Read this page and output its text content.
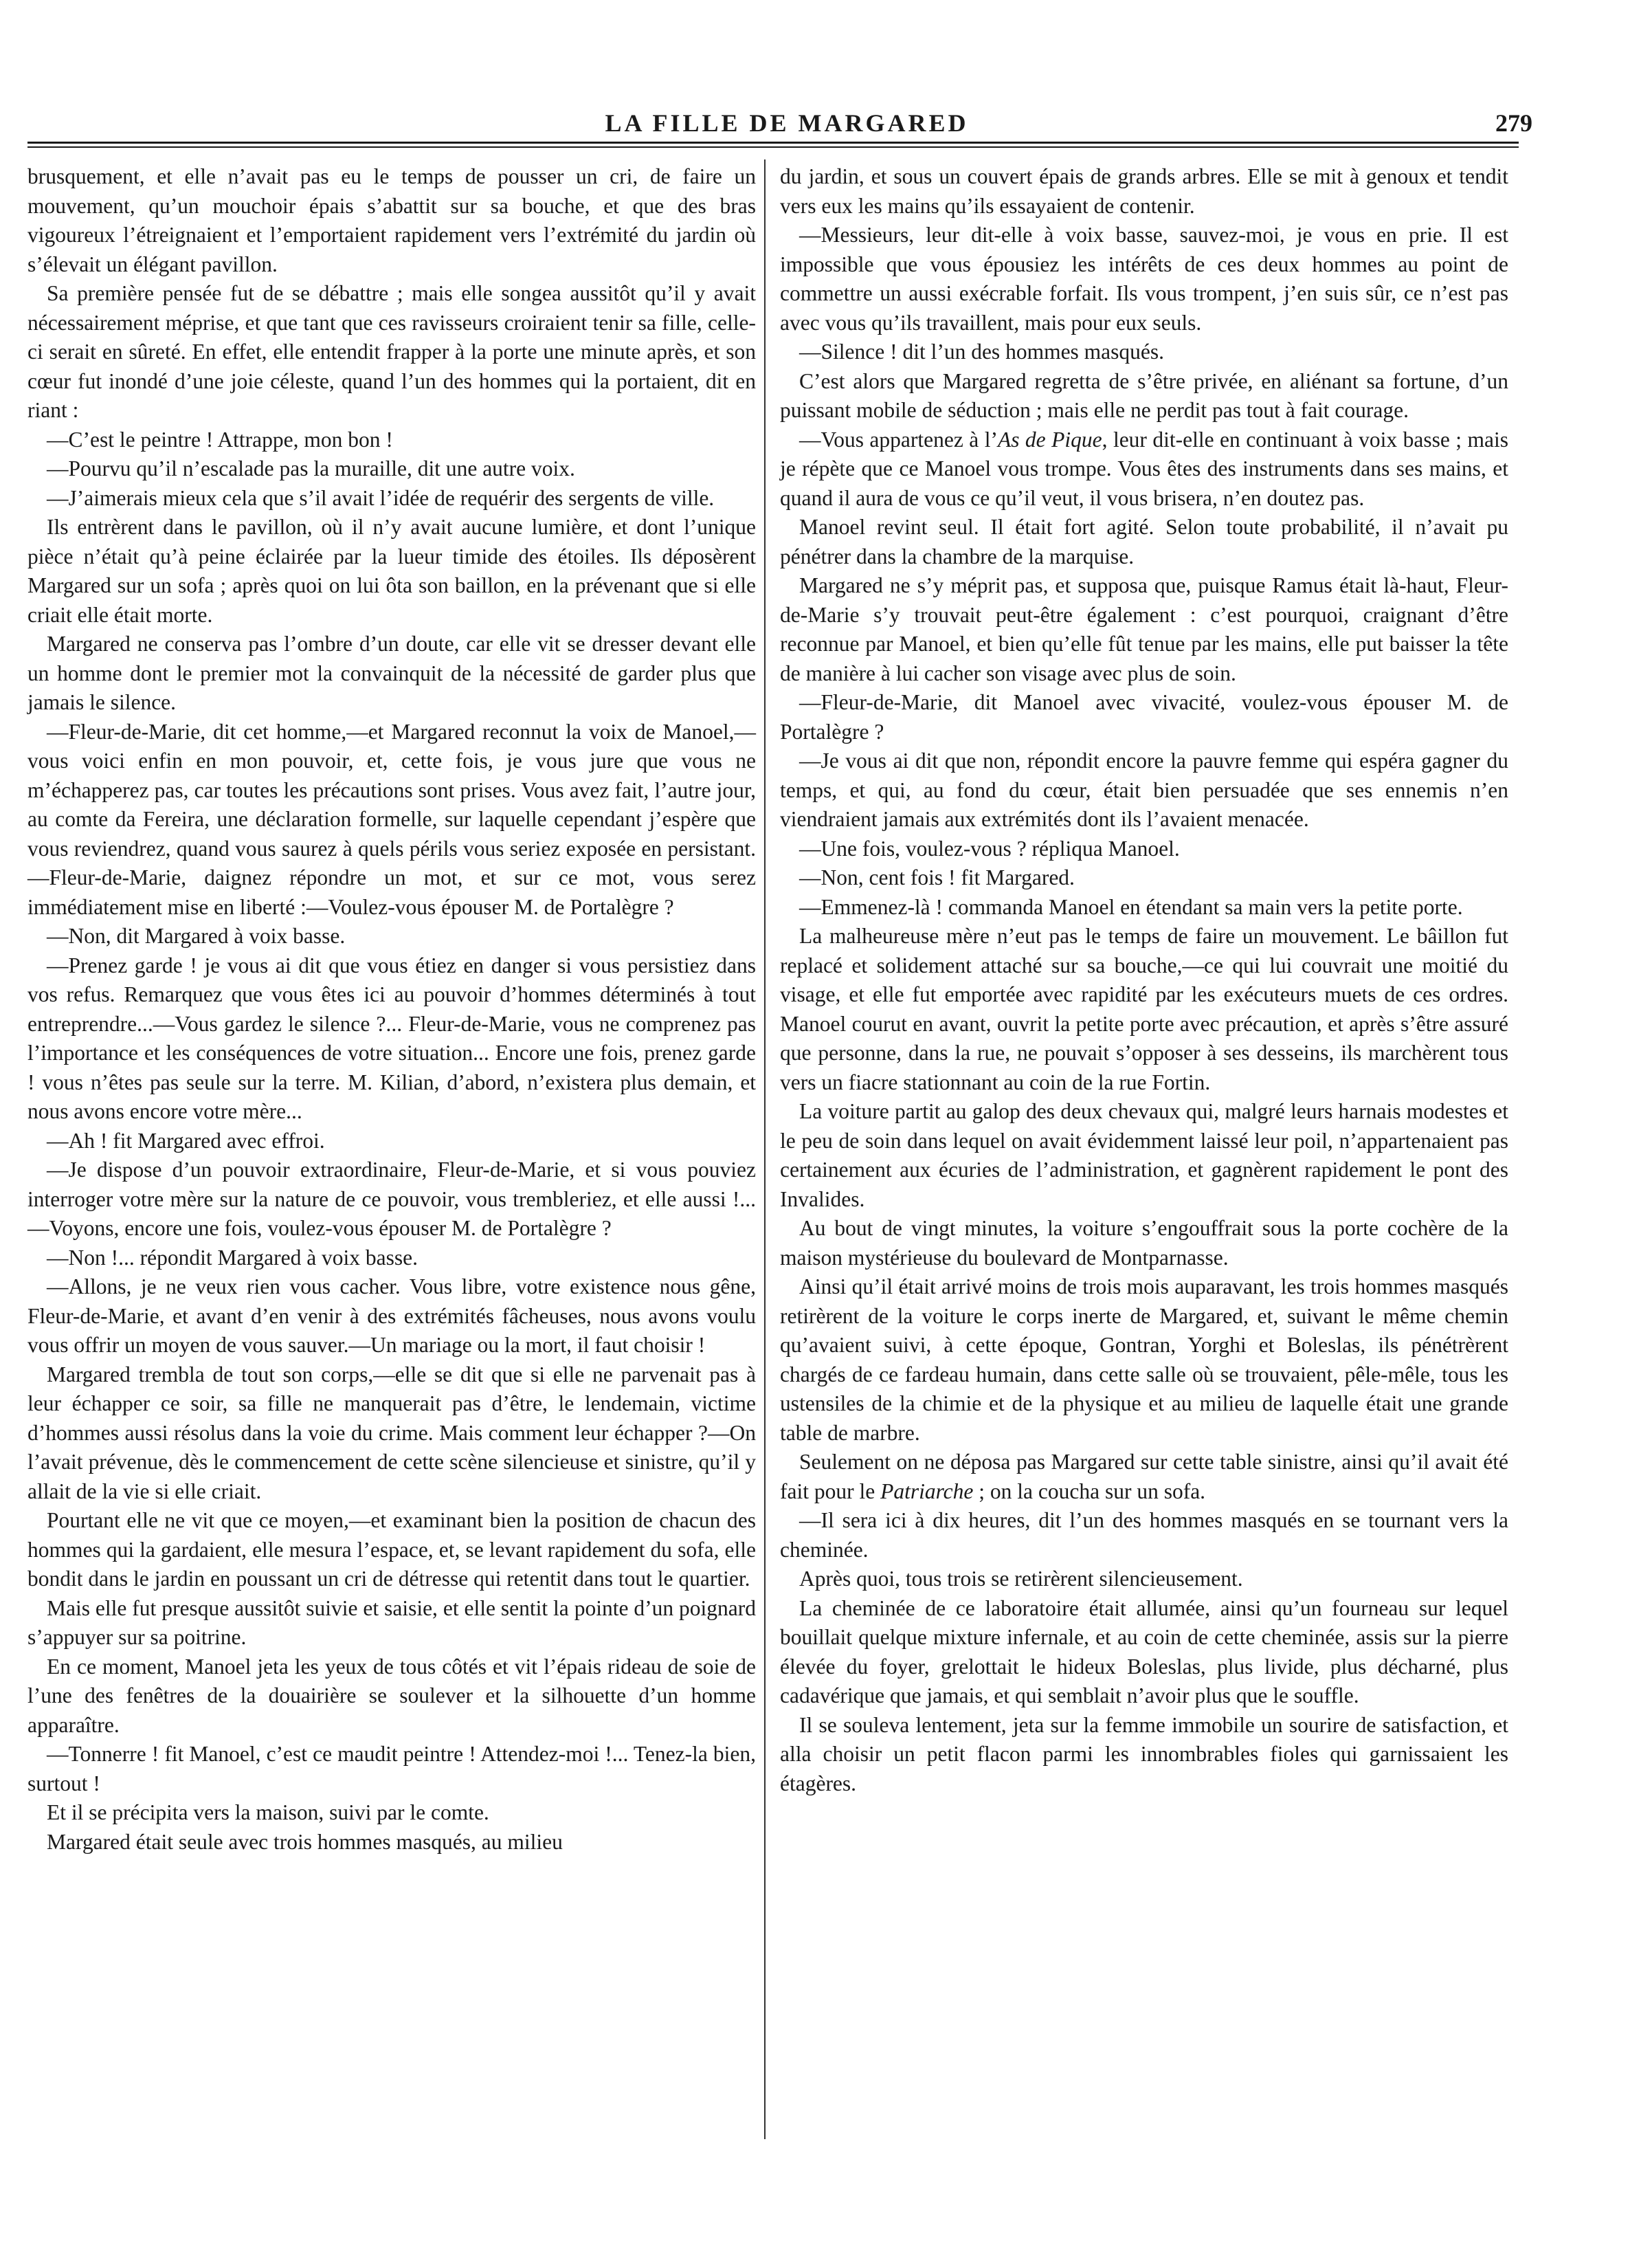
LA FILLE DE MARGARED	279

brusquement, et elle n’avait pas eu le temps de pousser un cri, de faire un mouvement, qu’un mouchoir épais s’abattit sur sa bouche, et que des bras vigoureux l’étreignaient et l’emportaient rapidement vers l’extrémité du jardin où s’élevait un élégant pavillon.

Sa première pensée fut de se débattre ; mais elle songea aussitôt qu’il y avait nécessairement méprise, et que tant que ces ravisseurs croiraient tenir sa fille, celle-ci serait en sûreté. En effet, elle entendit frapper à la porte une minute après, et son cœur fut inondé d’une joie céleste, quand l’un des hommes qui la portaient, dit en riant :

—C’est le peintre ! Attrappe, mon bon !

—Pourvu qu’il n’escalade pas la muraille, dit une autre voix.

—J’aimerais mieux cela que s’il avait l’idée de requérir des sergents de ville.

Ils entrèrent dans le pavillon, où il n’y avait aucune lumière, et dont l’unique pièce n’était qu’à peine éclairée par la lueur timide des étoiles. Ils déposèrent Margared sur un sofa ; après quoi on lui ôta son baillon, en la prévenant que si elle criait elle était morte.

Margared ne conserva pas l’ombre d’un doute, car elle vit se dresser devant elle un homme dont le premier mot la convainquit de la nécessité de garder plus que jamais le silence.

—Fleur-de-Marie, dit cet homme,—et Margared reconnut la voix de Manoel,—vous voici enfin en mon pouvoir, et, cette fois, je vous jure que vous ne m’échapperez pas, car toutes les précautions sont prises. Vous avez fait, l’autre jour, au comte da Fereira, une déclaration formelle, sur laquelle cependant j’espère que vous reviendrez, quand vous saurez à quels périls vous seriez exposée en persistant.—Fleur-de-Marie, daignez répondre un mot, et sur ce mot, vous serez immédiatement mise en liberté :—Voulez-vous épouser M. de Portalègre ?

—Non, dit Margared à voix basse.

—Prenez garde ! je vous ai dit que vous étiez en danger si vous persistiez dans vos refus. Remarquez que vous êtes ici au pouvoir d’hommes déterminés à tout entreprendre...—Vous gardez le silence ?... Fleur-de-Marie, vous ne comprenez pas l’importance et les conséquences de votre situation... Encore une fois, prenez garde ! vous n’êtes pas seule sur la terre. M. Kilian, d’abord, n’existera plus demain, et nous avons encore votre mère...

—Ah ! fit Margared avec effroi.

—Je dispose d’un pouvoir extraordinaire, Fleur-de-Marie, et si vous pouviez interroger votre mère sur la nature de ce pouvoir, vous trembleriez, et elle aussi !...—Voyons, encore une fois, voulez-vous épouser M. de Portalègre ?

—Non !... répondit Margared à voix basse.

—Allons, je ne veux rien vous cacher. Vous libre, votre existence nous gêne, Fleur-de-Marie, et avant d’en venir à des extrémités fâcheuses, nous avons voulu vous offrir un moyen de vous sauver.—Un mariage ou la mort, il faut choisir !

Margared trembla de tout son corps,—elle se dit que si elle ne parvenait pas à leur échapper ce soir, sa fille ne manquerait pas d’être, le lendemain, victime d’hommes aussi résolus dans la voie du crime. Mais comment leur échapper ?—On l’avait prévenue, dès le commencement de cette scène silencieuse et sinistre, qu’il y allait de la vie si elle criait.

Pourtant elle ne vit que ce moyen,—et examinant bien la position de chacun des hommes qui la gardaient, elle mesura l’espace, et, se levant rapidement du sofa, elle bondit dans le jardin en poussant un cri de détresse qui retentit dans tout le quartier.

Mais elle fut presque aussitôt suivie et saisie, et elle sentit la pointe d’un poignard s’appuyer sur sa poitrine.

En ce moment, Manoel jeta les yeux de tous côtés et vit l’épais rideau de soie de l’une des fenêtres de la douairière se soulever et la silhouette d’un homme apparaître.

—Tonnerre ! fit Manoel, c’est ce maudit peintre ! Attendez-moi !... Tenez-la bien, surtout !

Et il se précipita vers la maison, suivi par le comte.

Margared était seule avec trois hommes masqués, au milieu

du jardin, et sous un couvert épais de grands arbres. Elle se mit à genoux et tendit vers eux les mains qu’ils essayaient de contenir.

—Messieurs, leur dit-elle à voix basse, sauvez-moi, je vous en prie. Il est impossible que vous épousiez les intérêts de ces deux hommes au point de commettre un aussi exécrable forfait. Ils vous trompent, j’en suis sûr, ce n’est pas avec vous qu’ils travaillent, mais pour eux seuls.

—Silence ! dit l’un des hommes masqués.

C’est alors que Margared regretta de s’être privée, en aliénant sa fortune, d’un puissant mobile de séduction ; mais elle ne perdit pas tout à fait courage.

—Vous appartenez à l’As de Pique, leur dit-elle en continuant à voix basse ; mais je répète que ce Manoel vous trompe. Vous êtes des instruments dans ses mains, et quand il aura de vous ce qu’il veut, il vous brisera, n’en doutez pas.

Manoel revint seul. Il était fort agité. Selon toute probabilité, il n’avait pu pénétrer dans la chambre de la marquise.

Margared ne s’y méprit pas, et supposa que, puisque Ramus était là-haut, Fleur-de-Marie s’y trouvait peut-être également : c’est pourquoi, craignant d’être reconnue par Manoel, et bien qu’elle fût tenue par les mains, elle put baisser la tête de manière à lui cacher son visage avec plus de soin.

—Fleur-de-Marie, dit Manoel avec vivacité, voulez-vous épouser M. de Portalègre ?

—Je vous ai dit que non, répondit encore la pauvre femme qui espéra gagner du temps, et qui, au fond du cœur, était bien persuadée que ses ennemis n’en viendraient jamais aux extrémités dont ils l’avaient menacée.

—Une fois, voulez-vous ? répliqua Manoel.

—Non, cent fois ! fit Margared.

—Emmenez-là ! commanda Manoel en étendant sa main vers la petite porte.

La malheureuse mère n’eut pas le temps de faire un mouvement. Le bâillon fut replacé et solidement attaché sur sa bouche,—ce qui lui couvrait une moitié du visage, et elle fut emportée avec rapidité par les exécuteurs muets de ces ordres. Manoel courut en avant, ouvrit la petite porte avec précaution, et après s’être assuré que personne, dans la rue, ne pouvait s’opposer à ses desseins, ils marchèrent tous vers un fiacre stationnant au coin de la rue Fortin.

La voiture partit au galop des deux chevaux qui, malgré leurs harnais modestes et le peu de soin dans lequel on avait évidemment laissé leur poil, n’appartenaient pas certainement aux écuries de l’administration, et gagnèrent rapidement le pont des Invalides.

Au bout de vingt minutes, la voiture s’engouffrait sous la porte cochère de la maison mystérieuse du boulevard de Montparnasse.

Ainsi qu’il était arrivé moins de trois mois auparavant, les trois hommes masqués retirèrent de la voiture le corps inerte de Margared, et, suivant le même chemin qu’avaient suivi, à cette époque, Gontran, Yorghi et Boleslas, ils pénétrèrent chargés de ce fardeau humain, dans cette salle où se trouvaient, pêle-mêle, tous les ustensiles de la chimie et de la physique et au milieu de laquelle était une grande table de marbre.

Seulement on ne déposa pas Margared sur cette table sinistre, ainsi qu’il avait été fait pour le Patriarche ; on la coucha sur un sofa.

—Il sera ici à dix heures, dit l’un des hommes masqués en se tournant vers la cheminée.

Après quoi, tous trois se retirèrent silencieusement.

La cheminée de ce laboratoire était allumée, ainsi qu’un fourneau sur lequel bouillait quelque mixture infernale, et au coin de cette cheminée, assis sur la pierre élevée du foyer, grelottait le hideux Boleslas, plus livide, plus décharné, plus cadavérique que jamais, et qui semblait n’avoir plus que le souffle.

Il se souleva lentement, jeta sur la femme immobile un sourire de satisfaction, et alla choisir un petit flacon parmi les innombrables fioles qui garnissaient les étagères.
